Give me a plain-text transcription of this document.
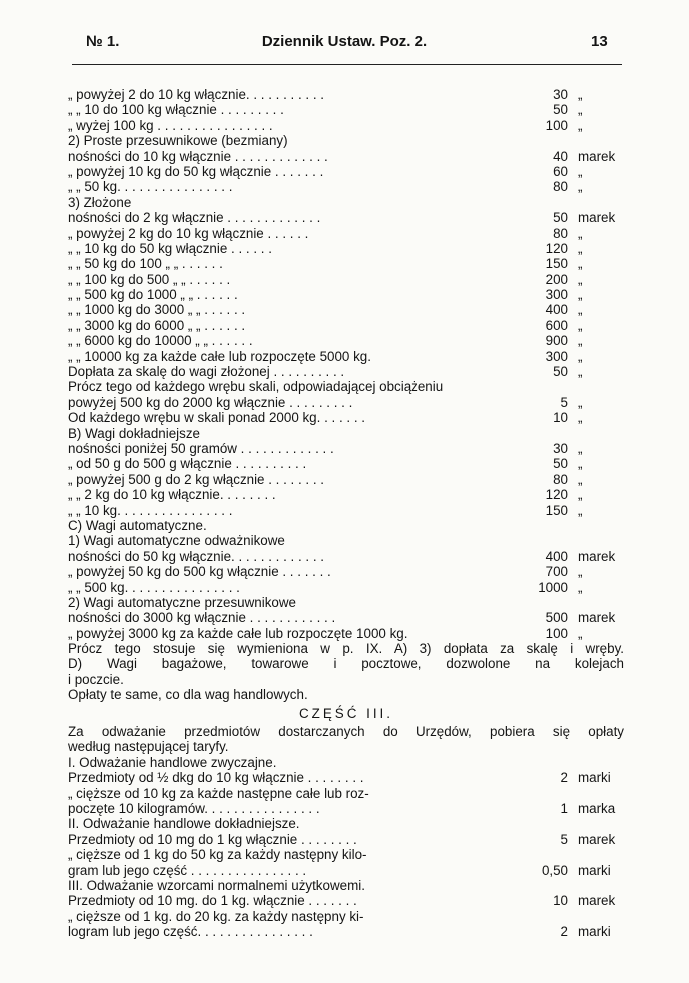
№ 1.	Dziennik Ustaw. Poz. 2.	13
„ powyżej 2 do 10 kg włącznie. . . . . . . . . . .	30 „
„ „ 10 do 100 kg włącznie . . . . . . . . .	50 „
„ wyżej 100 kg . . . . . . . . . . . . . . . .	100 „
2) Proste przesuwnikowe (bezmiany)
nośności do 10 kg włącznie . . . . . . . . . . . . .	40 marek
„ powyżej 10 kg do 50 kg włącznie . . . . . . .	60 „
„ „ 50 kg. . . . . . . . . . . . . . . .	80 „
3) Złożone
nośności do 2 kg włącznie . . . . . . . . . . . . .	50 marek
„ powyżej 2 kg do 10 kg włącznie . . . . . .	80 „
„ „ 10 kg do 50 kg włącznie . . . . . .	120 „
„ „ 50 kg do 100 „ „ . . . . . .	150 „
„ „ 100 kg do 500 „ „ . . . . . .	200 „
„ „ 500 kg do 1000 „ „ . . . . . .	300 „
„ „ 1000 kg do 3000 „ „ . . . . . .	400 „
„ „ 3000 kg do 6000 „ „ . . . . . .	600 „
„ „ 6000 kg do 10000 „ „ . . . . . .	900 „
„ „ 10000 kg za każde całe lub rozpoczęte 5000 kg.	300 „
Dopłata za skalę do wagi złożonej . . . . . . . . . .	50 „
Prócz tego od każdego wrębu skali, odpowiadającej obciążeniu
powyżej 500 kg do 2000 kg włącznie . . . . . . . . .	5 „
Od każdego wrębu w skali ponad 2000 kg. . . . . . .	10 „
B) Wagi dokładniejsze
nośności poniżej 50 gramów . . . . . . . . . . . . .	30 „
„ od 50 g do 500 g włącznie . . . . . . . . . .	50 „
„ powyżej 500 g do 2 kg włącznie . . . . . . . .	80 „
„ „ 2 kg do 10 kg włącznie. . . . . . . .	120 „
„ „ 10 kg. . . . . . . . . . . . . . . .	150 „
C) Wagi automatyczne.
1) Wagi automatyczne odważnikowe
nośności do 50 kg włącznie. . . . . . . . . . . . .	400 marek
„ powyżej 50 kg do 500 kg włącznie . . . . . . .	700 „
„ „ 500 kg. . . . . . . . . . . . . . . .	1000 „
2) Wagi automatyczne przesuwnikowe
nośności do 3000 kg włącznie . . . . . . . . . . . .	500 marek
„ powyżej 3000 kg za każde całe lub rozpoczęte 1000 kg.	100 „
Prócz tego stosuje się wymieniona w p. IX. A) 3) dopłata za skalę i wręby.
D) Wagi bagażowe, towarowe i pocztowe, dozwolone na kolejach
i poczcie.
Opłaty te same, co dla wag handlowych.
CZĘŚĆ III.
Za odważanie przedmiotów dostarczanych do Urzędów, pobiera się opłaty
według następującej taryfy.
I. Odważanie handlowe zwyczajne.
Przedmioty od ½ dkg do 10 kg włącznie . . . . . . . .	2 marki
„ cięższe od 10 kg za każde następne całe lub roz-
poczęte 10 kilogramów. . . . . . . . . . . . . . . .	1 marka
II. Odważanie handlowe dokładniejsze.
Przedmioty od 10 mg do 1 kg włącznie . . . . . . . .	5 marek
„ cięższe od 1 kg do 50 kg za każdy następny kilo-
gram lub jego część . . . . . . . . . . . . . . . .	0,50 marki
III. Odważanie wzorcami normalnemi użytkowemi.
Przedmioty od 10 mg. do 1 kg. włącznie . . . . . . .	10 marek
„ cięższe od 1 kg. do 20 kg. za każdy następny ki-
logram lub jego część. . . . . . . . . . . . . . . .	2 marki
